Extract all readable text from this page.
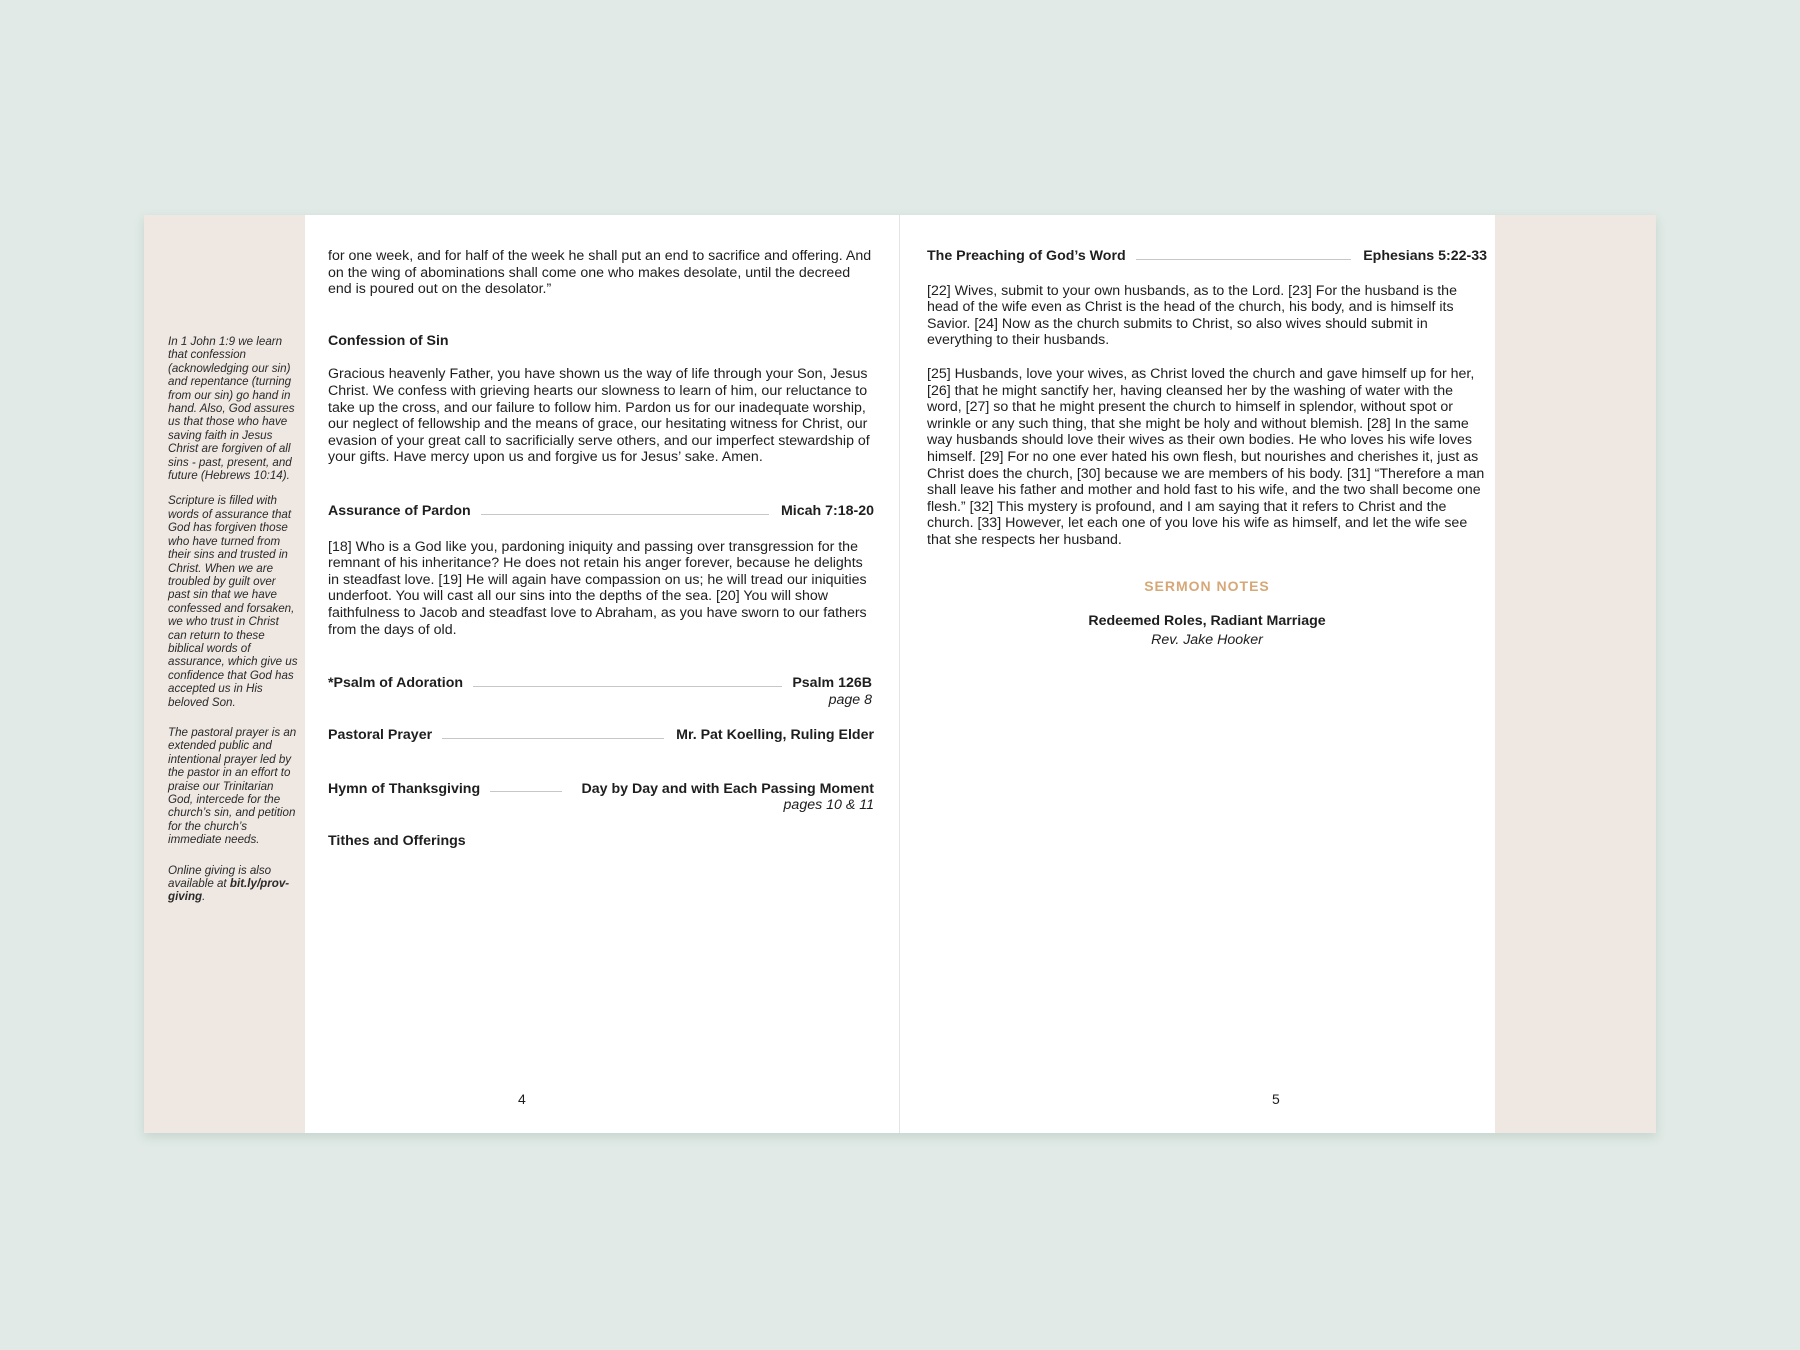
In 1 John 1:9 we learn that confession (acknowledging our sin) and repentance (turning from our sin) go hand in hand. Also, God assures us that those who have saving faith in Jesus Christ are forgiven of all sins - past, present, and future (Hebrews 10:14).

Scripture is filled with words of assurance that God has forgiven those who have turned from their sins and trusted in Christ. When we are troubled by guilt over past sin that we have confessed and forsaken, we who trust in Christ can return to these biblical words of assurance, which give us confidence that God has accepted us in His beloved Son.

The pastoral prayer is an extended public and intentional prayer led by the pastor in an effort to praise our Trinitarian God, intercede for the church’s sin, and petition for the church’s immediate needs.

Online giving is also available at bit.ly/prov-giving.

for one week, and for half of the week he shall put an end to sacrifice and offering. And on the wing of abominations shall come one who makes desolate, until the decreed end is poured out on the desolator.”
Confession of Sin
Gracious heavenly Father, you have shown us the way of life through your Son, Jesus Christ. We confess with grieving hearts our slowness to learn of him, our reluctance to take up the cross, and our failure to follow him. Pardon us for our inadequate worship, our neglect of fellowship and the means of grace, our hesitating witness for Christ, our evasion of your great call to sacrificially serve others, and our imperfect stewardship of your gifts. Have mercy upon us and forgive us for Jesus’ sake. Amen.
Assurance of Pardon	Micah 7:18-20
[18] Who is a God like you, pardoning iniquity and passing over transgression for the remnant of his inheritance? He does not retain his anger forever, because he delights in steadfast love. [19] He will again have compassion on us; he will tread our iniquities underfoot. You will cast all our sins into the depths of the sea. [20] You will show faithfulness to Jacob and steadfast love to Abraham, as you have sworn to our fathers from the days of old.
*Psalm of Adoration	Psalm 126B
page 8
Pastoral Prayer	Mr. Pat Koelling, Ruling Elder
Hymn of Thanksgiving	Day by Day and with Each Passing Moment
pages 10 & 11
Tithes and Offerings
4
The Preaching of God’s Word	Ephesians 5:22-33
[22] Wives, submit to your own husbands, as to the Lord. [23] For the husband is the head of the wife even as Christ is the head of the church, his body, and is himself its Savior. [24] Now as the church submits to Christ, so also wives should submit in everything to their husbands.
[25] Husbands, love your wives, as Christ loved the church and gave himself up for her, [26] that he might sanctify her, having cleansed her by the washing of water with the word, [27] so that he might present the church to himself in splendor, without spot or wrinkle or any such thing, that she might be holy and without blemish. [28] In the same way husbands should love their wives as their own bodies. He who loves his wife loves himself. [29] For no one ever hated his own flesh, but nourishes and cherishes it, just as Christ does the church, [30] because we are members of his body. [31] “Therefore a man shall leave his father and mother and hold fast to his wife, and the two shall become one flesh.” [32] This mystery is profound, and I am saying that it refers to Christ and the church. [33] However, let each one of you love his wife as himself, and let the wife see that she respects her husband.
SERMON NOTES
Redeemed Roles, Radiant Marriage
Rev. Jake Hooker
5
